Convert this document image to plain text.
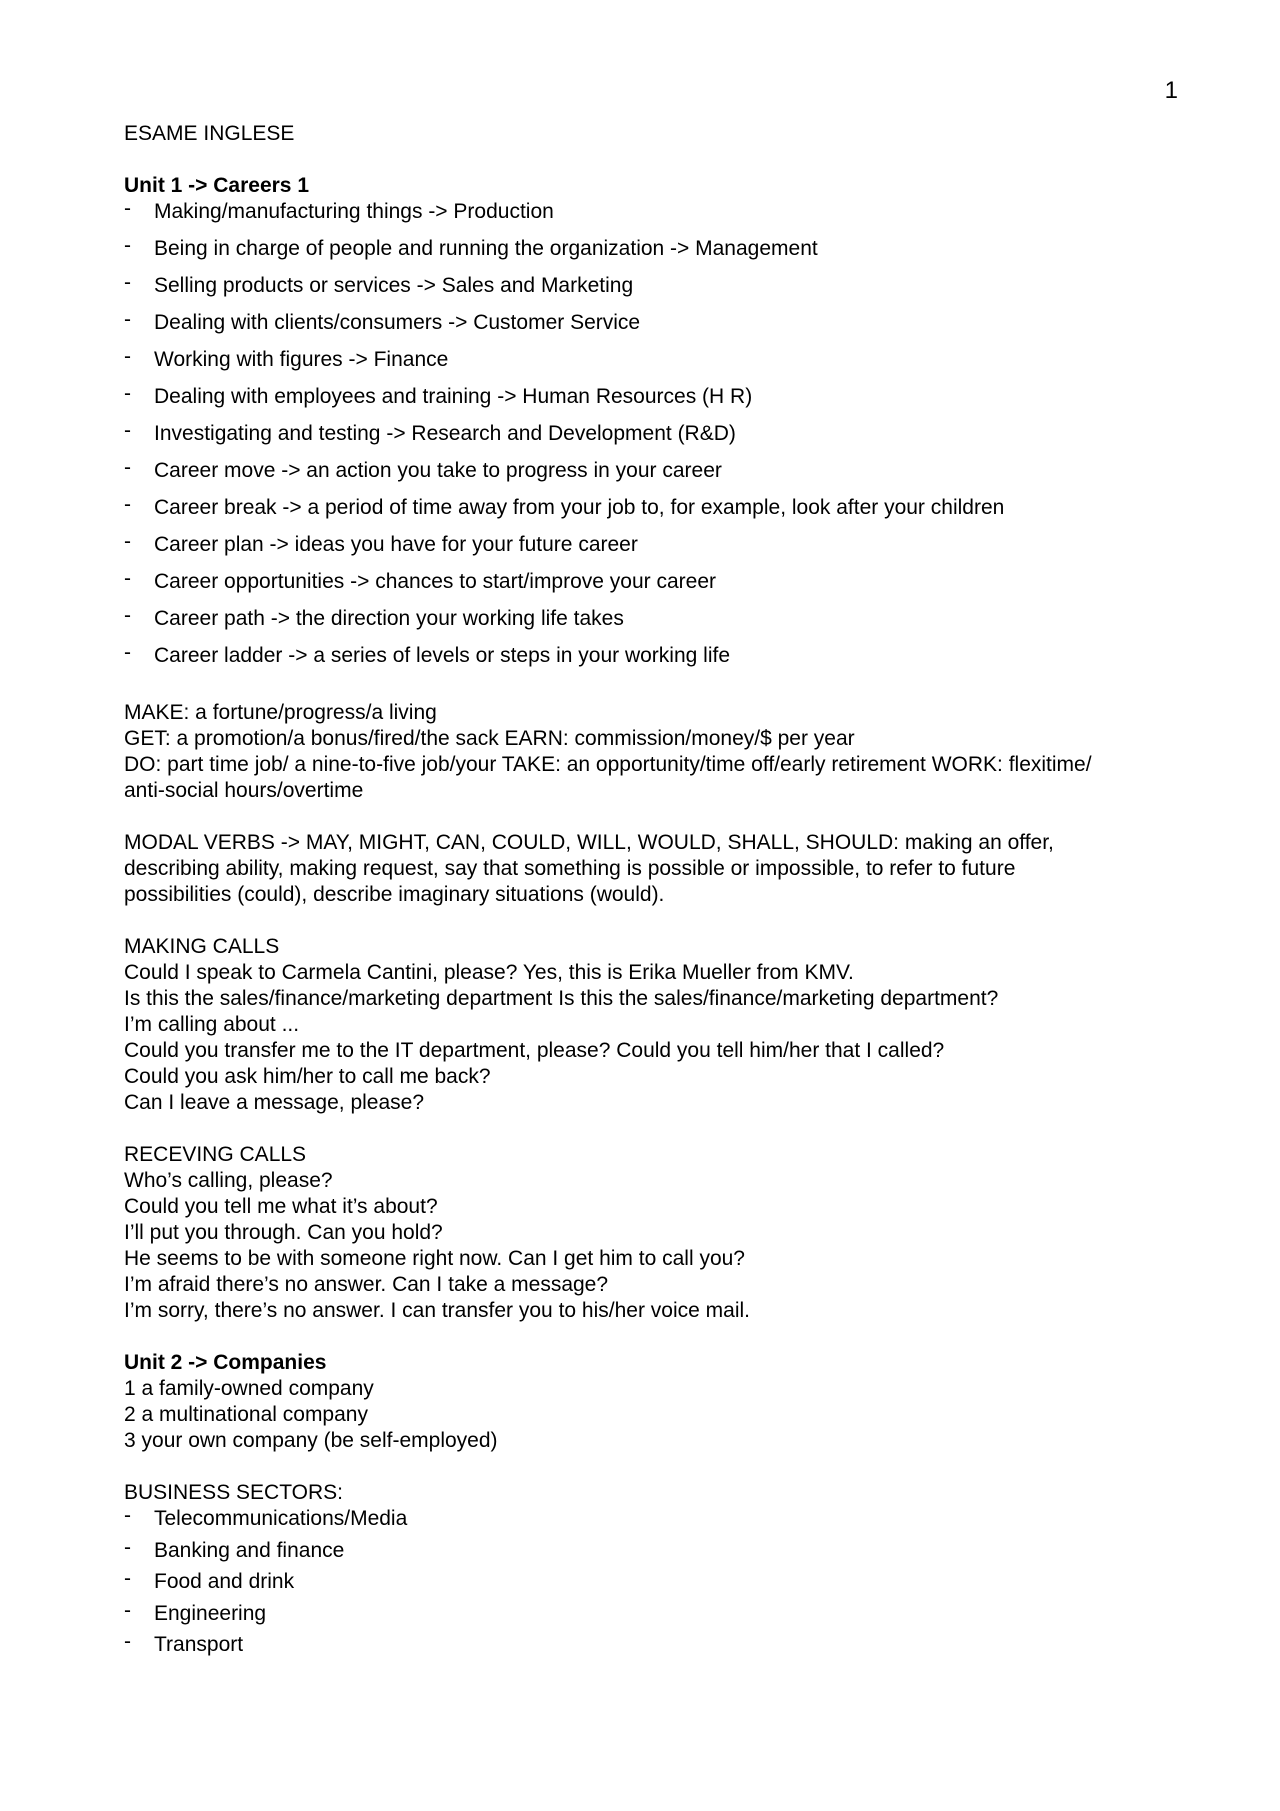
1
ESAME INGLESE
Unit 1 -> Careers 1
-	Making/manufacturing things -> Production
-	Being in charge of people and running the organization -> Management
-	Selling products or services -> Sales and Marketing
-	Dealing with clients/consumers -> Customer Service
-	Working with figures -> Finance
-	Dealing with employees and training -> Human Resources (H R)
-	Investigating and testing -> Research and Development (R&D)
-	Career move -> an action you take to progress in your career
-	Career break -> a period of time away from your job to, for example, look after your children
-	Career plan -> ideas you have for your future career
-	Career opportunities -> chances to start/improve your career
-	Career path -> the direction your working life takes
-	Career ladder -> a series of levels or steps in your working life
MAKE: a fortune/progress/a living
GET: a promotion/a bonus/fired/the sack EARN: commission/money/$ per year
DO: part time job/ a nine-to-five job/your TAKE: an opportunity/time off/early retirement WORK: flexitime/
anti-social hours/overtime
MODAL VERBS -> MAY, MIGHT, CAN, COULD, WILL, WOULD, SHALL, SHOULD: making an offer,
describing ability, making request, say that something is possible or impossible, to refer to future
possibilities (could), describe imaginary situations (would).
MAKING CALLS
Could I speak to Carmela Cantini, please? Yes, this is Erika Mueller from KMV.
Is this the sales/finance/marketing department Is this the sales/finance/marketing department?
I’m calling about ...
Could you transfer me to the IT department, please? Could you tell him/her that I called?
Could you ask him/her to call me back?
Can I leave a message, please?
RECEVING CALLS
Who’s calling, please?
Could you tell me what it’s about?
I’ll put you through. Can you hold?
He seems to be with someone right now. Can I get him to call you?
I’m afraid there’s no answer. Can I take a message?
I’m sorry, there’s no answer. I can transfer you to his/her voice mail.
Unit 2 -> Companies
1 a family-owned company
2 a multinational company
3 your own company (be self-employed)
BUSINESS SECTORS:
-	Telecommunications/Media
-	Banking and finance
-	Food and drink
-	Engineering
-	Transport
